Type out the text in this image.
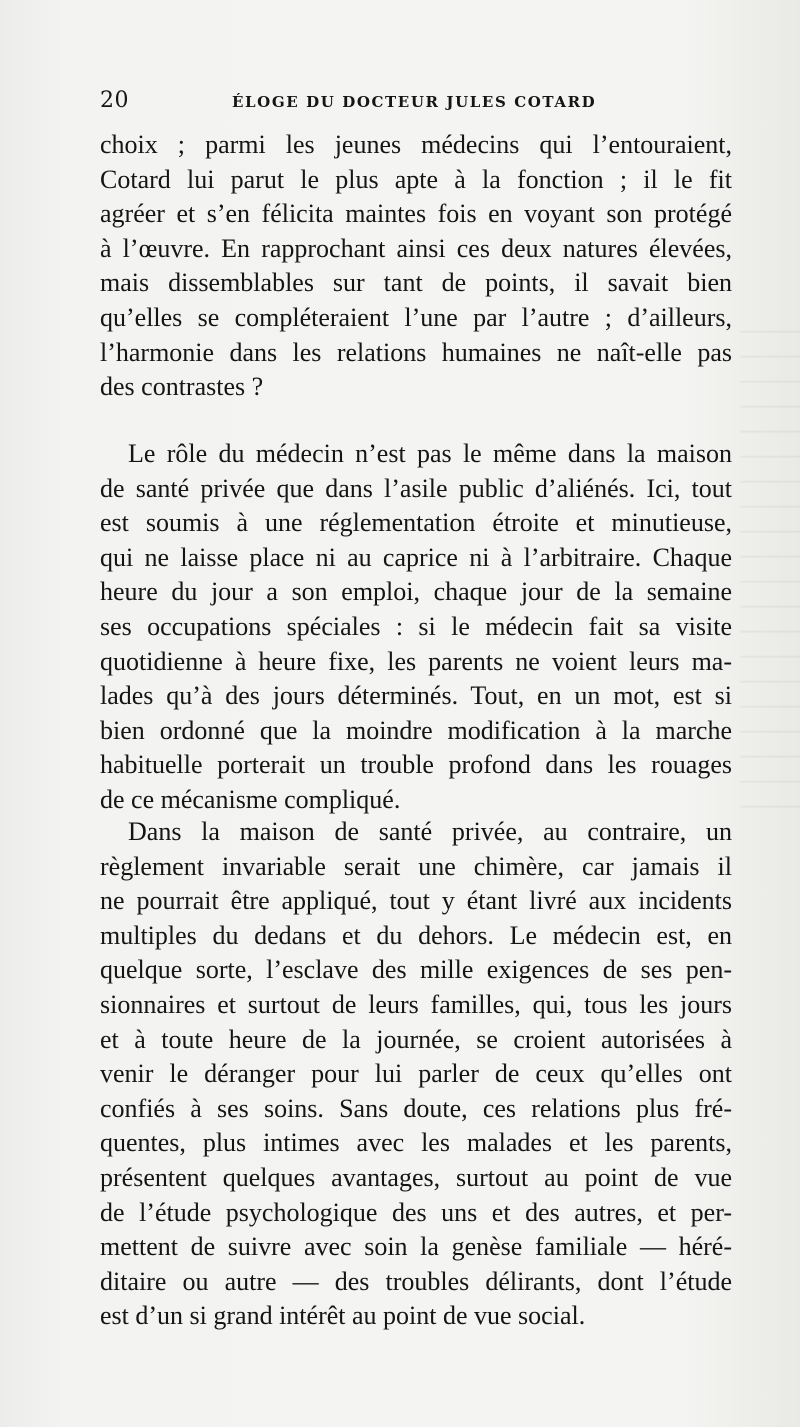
20	ÉLOGE DU DOCTEUR JULES COTARD
choix ; parmi les jeunes médecins qui l’entouraient,
Cotard lui parut le plus apte à la fonction ; il le fit
agréer et s’en félicita maintes fois en voyant son protégé
à l’œuvre. En rapprochant ainsi ces deux natures élevées,
mais dissemblables sur tant de points, il savait bien
qu’elles se compléteraient l’une par l’autre ; d’ailleurs,
l’harmonie dans les relations humaines ne naît-elle pas
des contrastes ?
Le rôle du médecin n’est pas le même dans la maison
de santé privée que dans l’asile public d’aliénés. Ici, tout
est soumis à une réglementation étroite et minutieuse,
qui ne laisse place ni au caprice ni à l’arbitraire. Chaque
heure du jour a son emploi, chaque jour de la semaine
ses occupations spéciales : si le médecin fait sa visite
quotidienne à heure fixe, les parents ne voient leurs ma-
lades qu’à des jours déterminés. Tout, en un mot, est si
bien ordonné que la moindre modification à la marche
habituelle porterait un trouble profond dans les rouages
de ce mécanisme compliqué.
Dans la maison de santé privée, au contraire, un
règlement invariable serait une chimère, car jamais il
ne pourrait être appliqué, tout y étant livré aux incidents
multiples du dedans et du dehors. Le médecin est, en
quelque sorte, l’esclave des mille exigences de ses pen-
sionnaires et surtout de leurs familles, qui, tous les jours
et à toute heure de la journée, se croient autorisées à
venir le déranger pour lui parler de ceux qu’elles ont
confiés à ses soins. Sans doute, ces relations plus fré-
quentes, plus intimes avec les malades et les parents,
présentent quelques avantages, surtout au point de vue
de l’étude psychologique des uns et des autres, et per-
mettent de suivre avec soin la genèse familiale — héré-
ditaire ou autre — des troubles délirants, dont l’étude
est d’un si grand intérêt au point de vue social.
